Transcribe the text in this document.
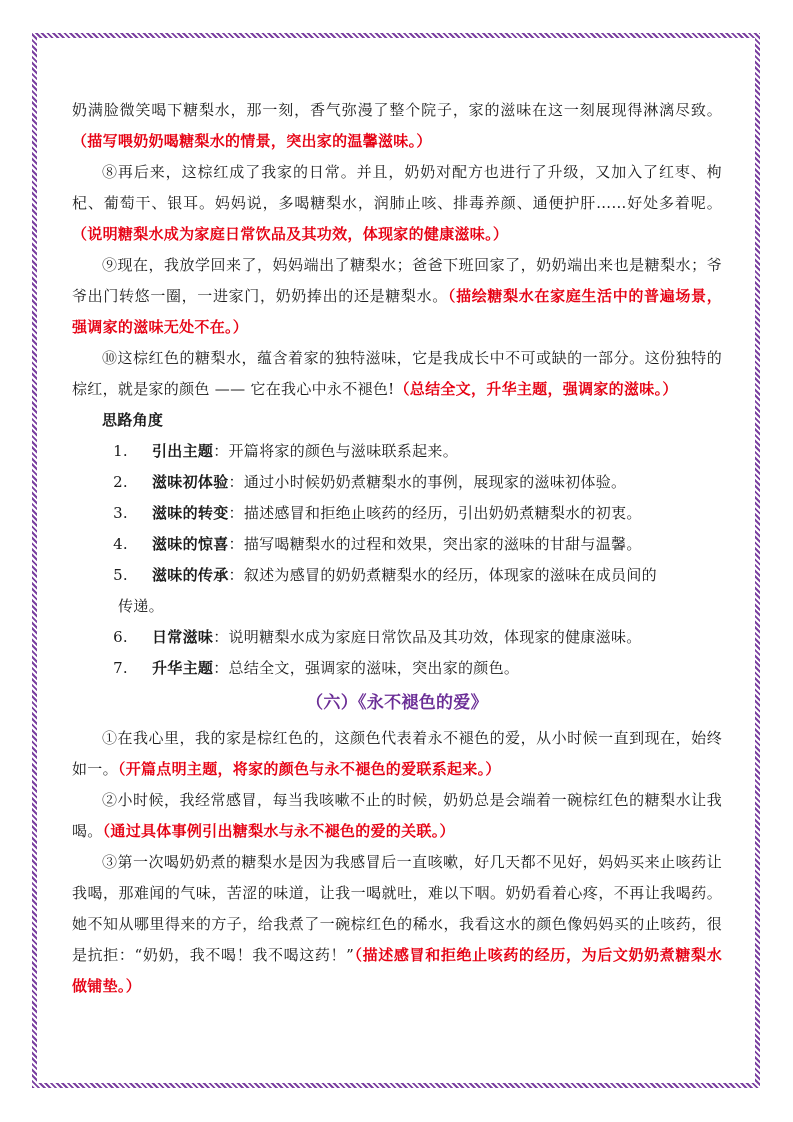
奶满脸微笑喝下糖梨水，那一刻，香气弥漫了整个院子，家的滋味在这一刻展现得淋漓尽致。（描写喂奶奶喝糖梨水的情景，突出家的温馨滋味。）

⑧再后来，这棕红成了我家的日常。并且，奶奶对配方也进行了升级，又加入了红枣、枸杞、葡萄干、银耳。妈妈说，多喝糖梨水，润肺止咳、排毒养颜、通便护肝……好处多着呢。（说明糖梨水成为家庭日常饮品及其功效，体现家的健康滋味。）

⑨现在，我放学回来了，妈妈端出了糖梨水；爸爸下班回家了，奶奶端出来也是糖梨水；爷爷出门转悠一圈，一进家门，奶奶捧出的还是糖梨水。（描绘糖梨水在家庭生活中的普遍场景，强调家的滋味无处不在。）

⑩这棕红色的糖梨水，蕴含着家的独特滋味，它是我成长中不可或缺的一部分。这份独特的棕红，就是家的颜色 —— 它在我心中永不褪色!（总结全文，升华主题，强调家的滋味。）

思路角度

1.	引出主题：开篇将家的颜色与滋味联系起来。
2.	滋味初体验：通过小时候奶奶煮糖梨水的事例，展现家的滋味初体验。
3.	滋味的转变：描述感冒和拒绝止咳药的经历，引出奶奶煮糖梨水的初衷。
4.	滋味的惊喜：描写喝糖梨水的过程和效果，突出家的滋味的甘甜与温馨。
5.	滋味的传承：叙述为感冒的奶奶煮糖梨水的经历，体现家的滋味在成员间的
传递。
6.	日常滋味：说明糖梨水成为家庭日常饮品及其功效，体现家的健康滋味。
7.	升华主题：总结全文，强调家的滋味，突出家的颜色。
（六）《永不褪色的爱》

①在我心里，我的家是棕红色的，这颜色代表着永不褪色的爱，从小时候一直到现在，始终如一。（开篇点明主题，将家的颜色与永不褪色的爱联系起来。）

②小时候，我经常感冒，每当我咳嗽不止的时候，奶奶总是会端着一碗棕红色的糖梨水让我喝。（通过具体事例引出糖梨水与永不褪色的爱的关联。）

③第一次喝奶奶煮的糖梨水是因为我感冒后一直咳嗽，好几天都不见好，妈妈买来止咳药让我喝，那难闻的气味，苦涩的味道，让我一喝就吐，难以下咽。奶奶看着心疼，不再让我喝药。她不知从哪里得来的方子，给我煮了一碗棕红色的稀水，我看这水的颜色像妈妈买的止咳药，很是抗拒：“奶奶，我不喝！我不喝这药！”（描述感冒和拒绝止咳药的经历，为后文奶奶煮糖梨水做铺垫。）
